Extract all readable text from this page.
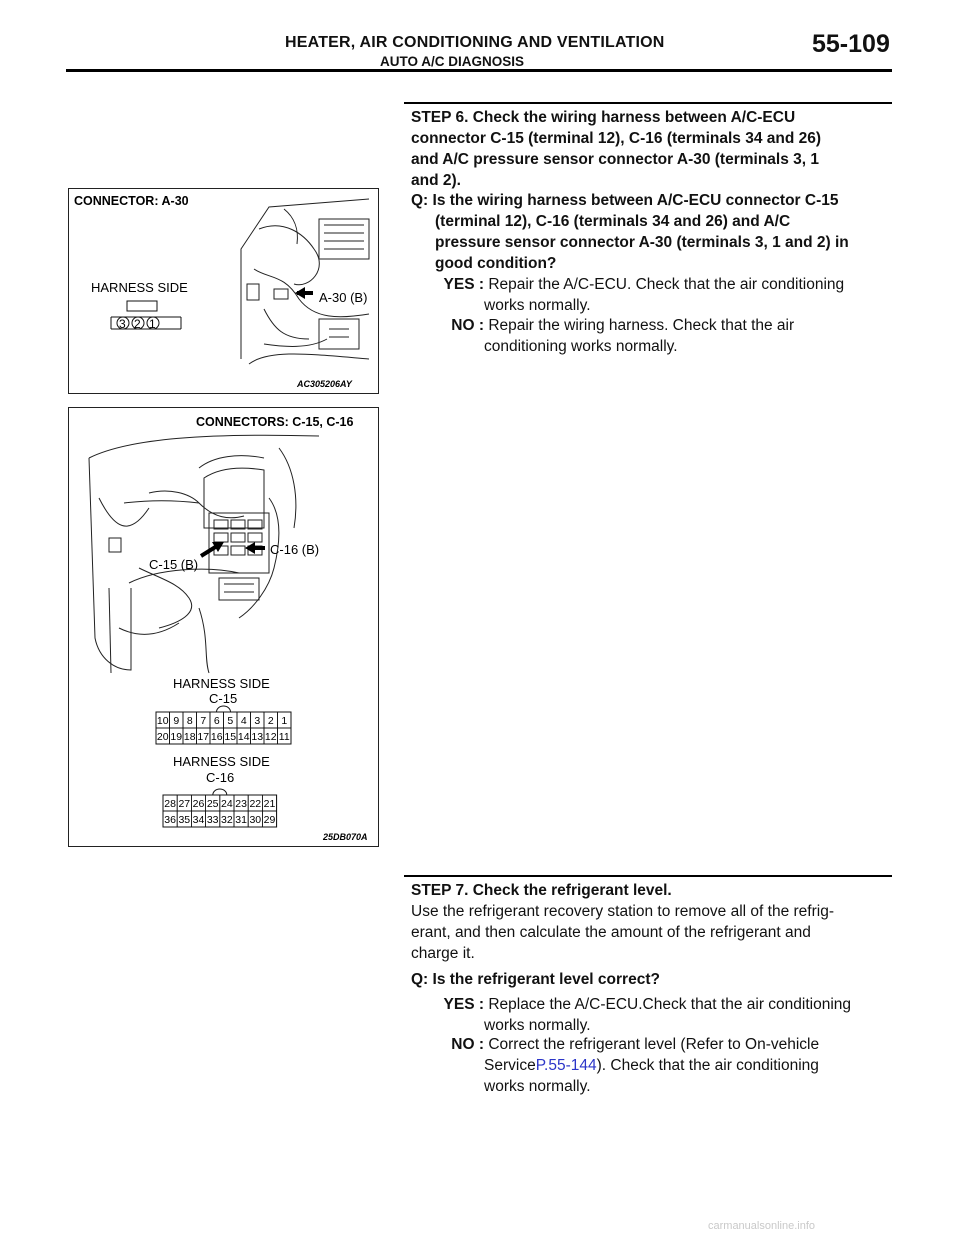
HEATER, AIR CONDITIONING AND VENTILATION
AUTO A/C DIAGNOSIS
55-109
STEP 6. Check the wiring harness between A/C-ECU
connector C-15 (terminal 12), C-16 (terminals 34 and 26)
and A/C pressure sensor connector A-30 (terminals 3, 1
and 2).
Q: Is the wiring harness between A/C-ECU connector C-15
(terminal 12), C-16 (terminals 34 and 26) and A/C
pressure sensor connector A-30 (terminals 3, 1 and 2) in
good condition?
YES : Repair the A/C-ECU. Check that the air conditioning
works normally.
NO : Repair the wiring harness. Check that the air
conditioning works normally.
CONNECTOR: A-30
HARNESS SIDE
3 2 1
A-30 (B)
AC305206AY
CONNECTORS: C-15, C-16
C-15 (B)
C-16 (B)
HARNESS SIDE
C-15
10 9 8 7 6 5 4 3 2 1
20 19 18 17 16 15 14 13 12 11
HARNESS SIDE
C-16
28 27 26 25 24 23 22 21
36 35 34 33 32 31 30 29
25DB070A
STEP 7. Check the refrigerant level.
Use the refrigerant recovery station to remove all of the refrig-
erant, and then calculate the amount of the refrigerant and
charge it.
Q: Is the refrigerant level correct?
YES : Replace the A/C-ECU.Check that the air conditioning
works normally.
NO : Correct the refrigerant level (Refer to On-vehicle
ServiceP.55-144). Check that the air conditioning
works normally.
carmanualsonline.info
